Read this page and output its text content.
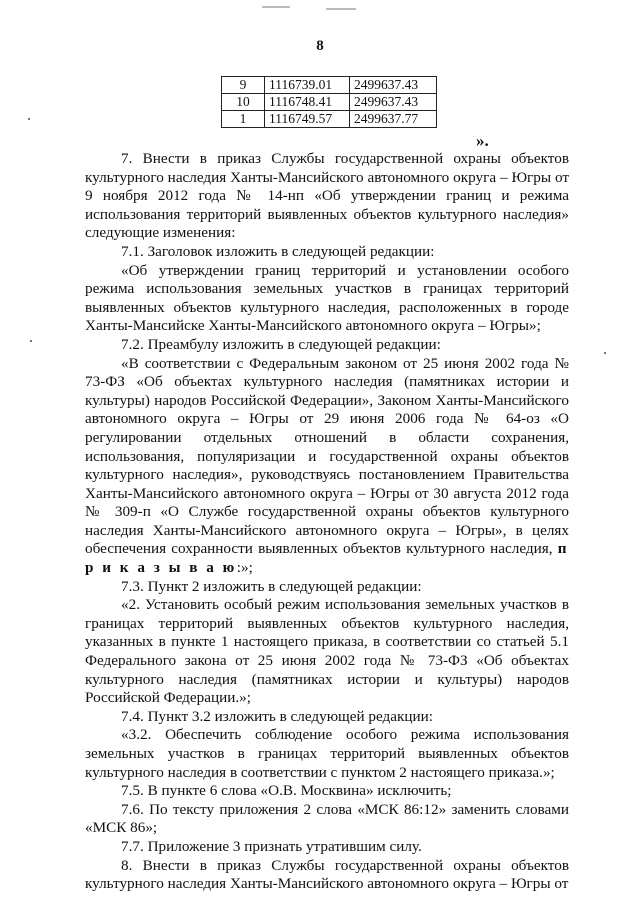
8
9	1116739.01	2499637.43
10	1116748.41	2499637.43
1	1116749.57	2499637.77
».

7. Внести в приказ Службы государственной охраны объектов культурного наследия Ханты-Мансийского автономного округа – Югры от 9 ноября 2012 года № 14-нп «Об утверждении границ и режима использования территорий выявленных объектов культурного наследия» следующие изменения:

7.1. Заголовок изложить в следующей редакции:

«Об утверждении границ территорий и установлении особого режима использования земельных участков в границах территорий выявленных объектов культурного наследия, расположенных в городе Ханты-Мансийске Ханты-Мансийского автономного округа – Югры»;

7.2. Преамбулу изложить в следующей редакции:

«В соответствии с Федеральным законом от 25 июня 2002 года № 73-ФЗ «Об объектах культурного наследия (памятниках истории и культуры) народов Российской Федерации», Законом Ханты-Мансийского автономного округа – Югры от 29 июня 2006 года № 64-оз «О регулировании отдельных отношений в области сохранения, использования, популяризации и государственной охраны объектов культурного наследия», руководствуясь постановлением Правительства Ханты-Мансийского автономного округа – Югры от 30 августа 2012 года № 309-п «О Службе государственной охраны объектов культурного наследия Ханты-Мансийского автономного округа – Югры», в целях обеспечения сохранности выявленных объектов культурного наследия, п р и к а з ы в а ю:»;

7.3. Пункт 2 изложить в следующей редакции:

«2. Установить особый режим использования земельных участков в границах территорий выявленных объектов культурного наследия, указанных в пункте 1 настоящего приказа, в соответствии со статьей 5.1 Федерального закона от 25 июня 2002 года № 73-ФЗ «Об объектах культурного наследия (памятниках истории и культуры) народов Российской Федерации.»;

7.4. Пункт 3.2 изложить в следующей редакции:

«3.2. Обеспечить соблюдение особого режима использования земельных участков в границах территорий выявленных объектов культурного наследия в соответствии с пунктом 2 настоящего приказа.»;

7.5. В пункте 6 слова «О.В. Москвина» исключить;

7.6. По тексту приложения 2 слова «МСК 86:12» заменить словами «МСК 86»;

7.7. Приложение 3 признать утратившим силу.

8. Внести в приказ Службы государственной охраны объектов культурного наследия Ханты-Мансийского автономного округа – Югры от
